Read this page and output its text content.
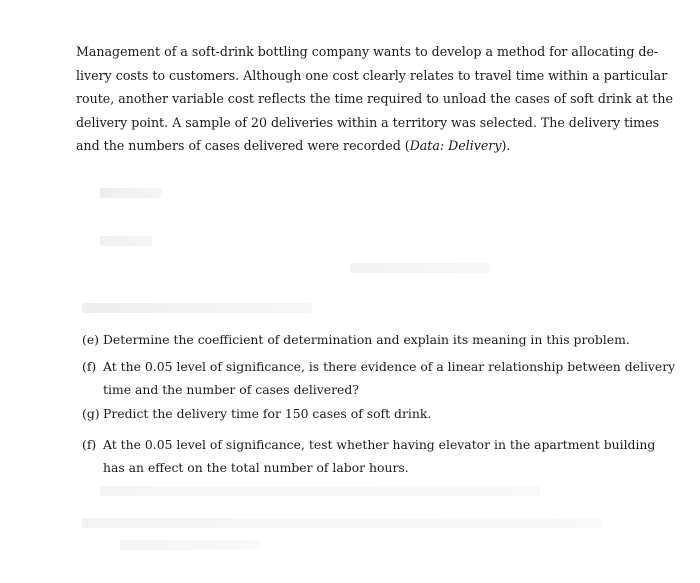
Management of a soft-drink bottling company wants to develop a method for allocating de-
livery costs to customers. Although one cost clearly relates to travel time within a particular
route, another variable cost reflects the time required to unload the cases of soft drink at the
delivery point. A sample of 20 deliveries within a territory was selected. The delivery times
and the numbers of cases delivered were recorded (Data: Delivery).
(e) Determine the coefficient of determination and explain its meaning in this problem.
(f) At the 0.05 level of significance, is there evidence of a linear relationship between delivery
time and the number of cases delivered?
(g) Predict the delivery time for 150 cases of soft drink.
(f) At the 0.05 level of significance, test whether having elevator in the apartment building
has an effect on the total number of labor hours.
